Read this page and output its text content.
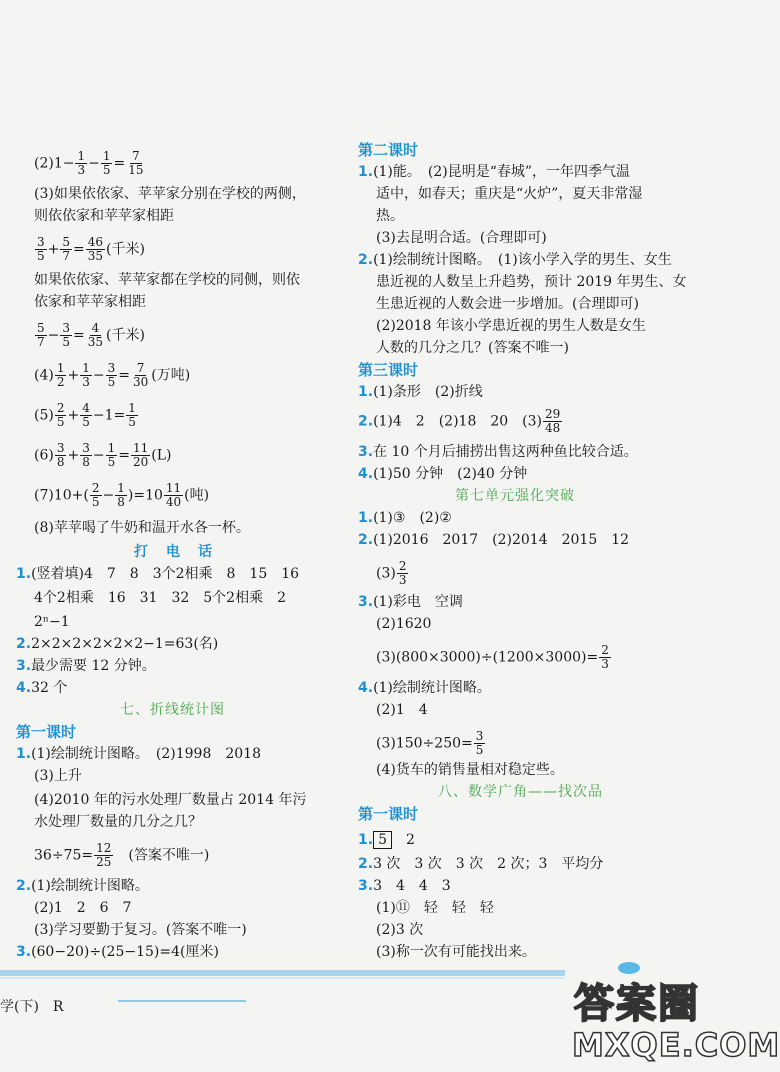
$(2)1- \frac{1}{3} - \frac{1}{5} = \frac{7}{15}$
(3)如果依依家、苹苹家分别在学校的两侧，
则依依家和苹苹家相距
$\frac{3}{5} + \frac{5}{7} = \frac{46}{35}$ (千米)
如果依依家、苹苹家都在学校的同侧，则依
依家和苹苹家相距
$\frac{5}{7} - \frac{3}{5} = \frac{4}{35}$ (千米)
$(4) \frac{1}{2} + \frac{1}{3} - \frac{3}{5} = \frac{7}{30}$ (万吨)
$(5) \frac{2}{5} + \frac{4}{5} -1= \frac{1}{5}$
$(6) \frac{3}{8} + \frac{3}{8} - \frac{1}{5} = \frac{11}{20} (L)$
$(7)10+( \frac{2}{5} - \frac{1}{8} )=10 \frac{11}{40}$ (吨)
(8)苹苹喝了牛奶和温开水各一杯。
打　电　话
1.(竖着填)4　7　8　3个2相乘　8　15　16
4个2相乘　16　31　32　5个2相乘　2
2ⁿ−1
2.2×2×2×2×2×2−1=63(名)
3.最少需要 12 分钟。
4.32 个
七、折线统计图
第一课时
1.(1)绘制统计图略。　(2)1998　2018
(3)上升
(4)2010 年的污水处理厂数量占 2014 年污
水处理厂数量的几分之几？
$36\div 75= \frac{12}{25}$
　 (答案不唯一)
2.(1)绘制统计图略。
(2)1　2　6　7
(3)学习要勤于复习。(答案不唯一)
3.(60−20)÷(25−15)=4(厘米)
第二课时
1.(1)能。　(2)昆明是“春城”，一年四季气温
适中，如春天；重庆是“火炉”，夏天非常湿
热。
(3)去昆明合适。(合理即可)
2.(1)绘制统计图略。　(1)该小学入学的男生、女生
患近视的人数呈上升趋势，预计 2019 年男生、女
生患近视的人数会进一步增加。(合理即可)
(2)2018 年该小学患近视的男生人数是女生
人数的几分之几？(答案不唯一)
第三课时
1.(1)条形　(2)折线
2.(1)4　2　(2)18　20　$(3) \frac{29}{48}$
3.在 10 个月后捕捞出售这两种鱼比较合适。
4.(1)50 分钟　(2)40 分钟
第七单元强化突破
1.(1)③　(2)②
2.(1)2016　2017　(2)2014　2015　12
$(3) \frac{2}{3}$
3.(1)彩电　空调
(2)1620
$(3)(800\times 3000)\div(1200\times 3000)= \frac{2}{3}$
4.(1)绘制统计图略。
(2)1　4
$(3)150\div 250= \frac{3}{5}$
(4)货车的销售量相对稳定些。
八、数学广角——找次品
第一课时
1. 5　 2
2.3 次　3 次　3 次　2 次；3　平均分
3.3　4　4　3
(1)⑪　轻　轻　轻
(2)3 次
(3)称一次有可能找出来。
学(下)　R	答案圈
MXQE.COM
